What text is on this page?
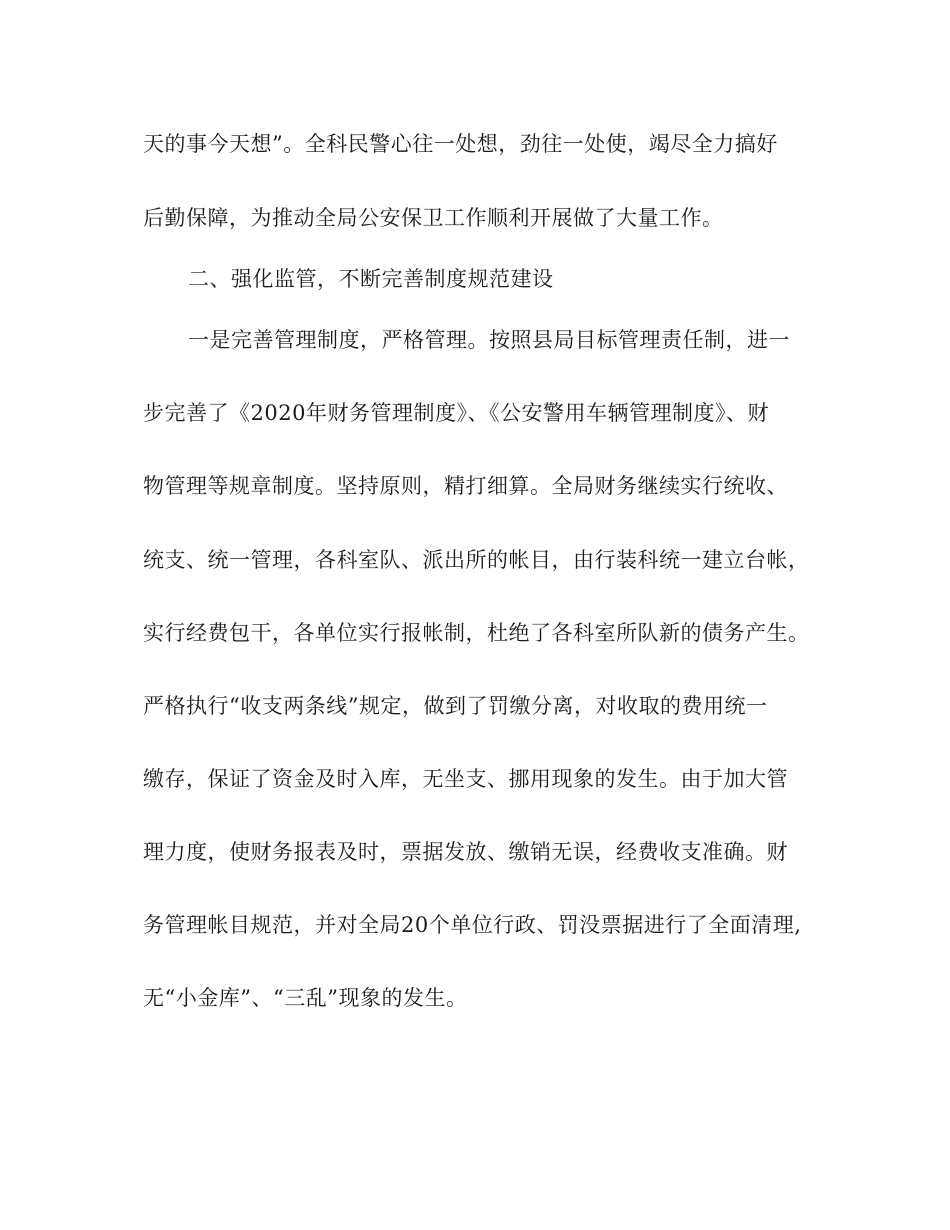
天的事今天想”。全科民警心往一处想，劲往一处使，竭尽全力搞好
后勤保障，为推动全局公安保卫工作顺利开展做了大量工作。
二、强化监管，不断完善制度规范建设
一是完善管理制度，严格管理。按照县局目标管理责任制，进一
步完善了《2020年财务管理制度》、《公安警用车辆管理制度》、财
物管理等规章制度。坚持原则，精打细算。全局财务继续实行统收、
统支、统一管理，各科室队、派出所的帐目，由行装科统一建立台帐，
实行经费包干，各单位实行报帐制，杜绝了各科室所队新的债务产生。
严格执行“收支两条线”规定，做到了罚缴分离，对收取的费用统一
缴存，保证了资金及时入库，无坐支、挪用现象的发生。由于加大管
理力度，使财务报表及时，票据发放、缴销无误，经费收支准确。财
务管理帐目规范，并对全局20个单位行政、罚没票据进行了全面清理,
无“小金库”、“三乱”现象的发生。
